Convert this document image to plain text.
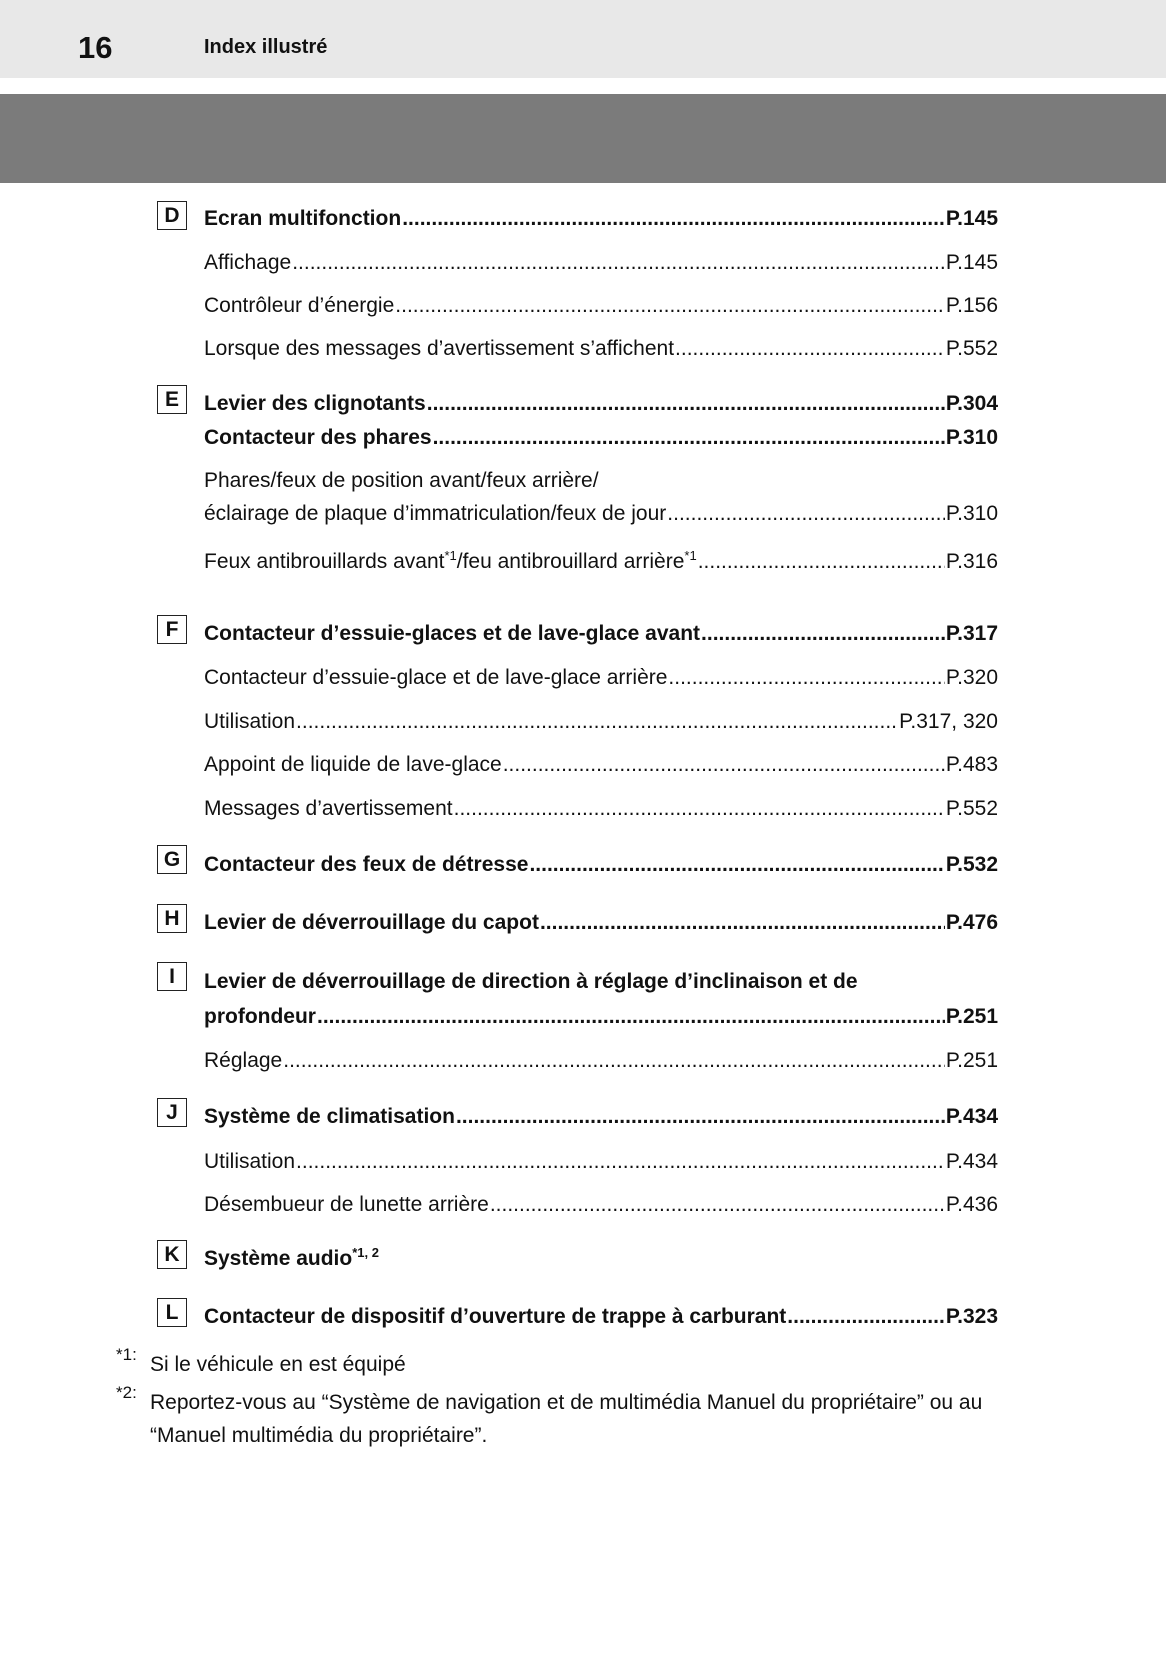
16	Index illustré
D	Ecran multifonction .....	P.145
Affichage .....	P.145
Contrôleur d’énergie .....	P.156
Lorsque des messages d’avertissement s’affichent .....	P.552
E	Levier des clignotants .....	P.304
Contacteur des phares .....	P.310
Phares/feux de position avant/feux arrière/
éclairage de plaque d’immatriculation/feux de jour .....	P.310
Feux antibrouillards avant$^{*1}$/feu antibrouillard arrière$^{*1}$ .....	P.316
F	Contacteur d’essuie-glaces et de lave-glace avant .....	P.317
Contacteur d’essuie-glace et de lave-glace arrière .....	P.320
Utilisation .....	P.317, 320
Appoint de liquide de lave-glace .....	P.483
Messages d’avertissement .....	P.552
G	Contacteur des feux de détresse .....	P.532
H	Levier de déverrouillage du capot .....	P.476
I	Levier de déverrouillage de direction à réglage d’inclinaison et de
profondeur .....	P.251
Réglage .....	P.251
J	Système de climatisation .....	P.434
Utilisation .....	P.434
Désembueur de lunette arrière .....	P.436
K	Système audio$^{*1, 2}$
L	Contacteur de dispositif d’ouverture de trappe à carburant .....	P.323
*1: Si le véhicule en est équipé
*2: Reportez-vous au “Système de navigation et de multimédia Manuel du propriétaire” ou au
“Manuel multimédia du propriétaire”.
